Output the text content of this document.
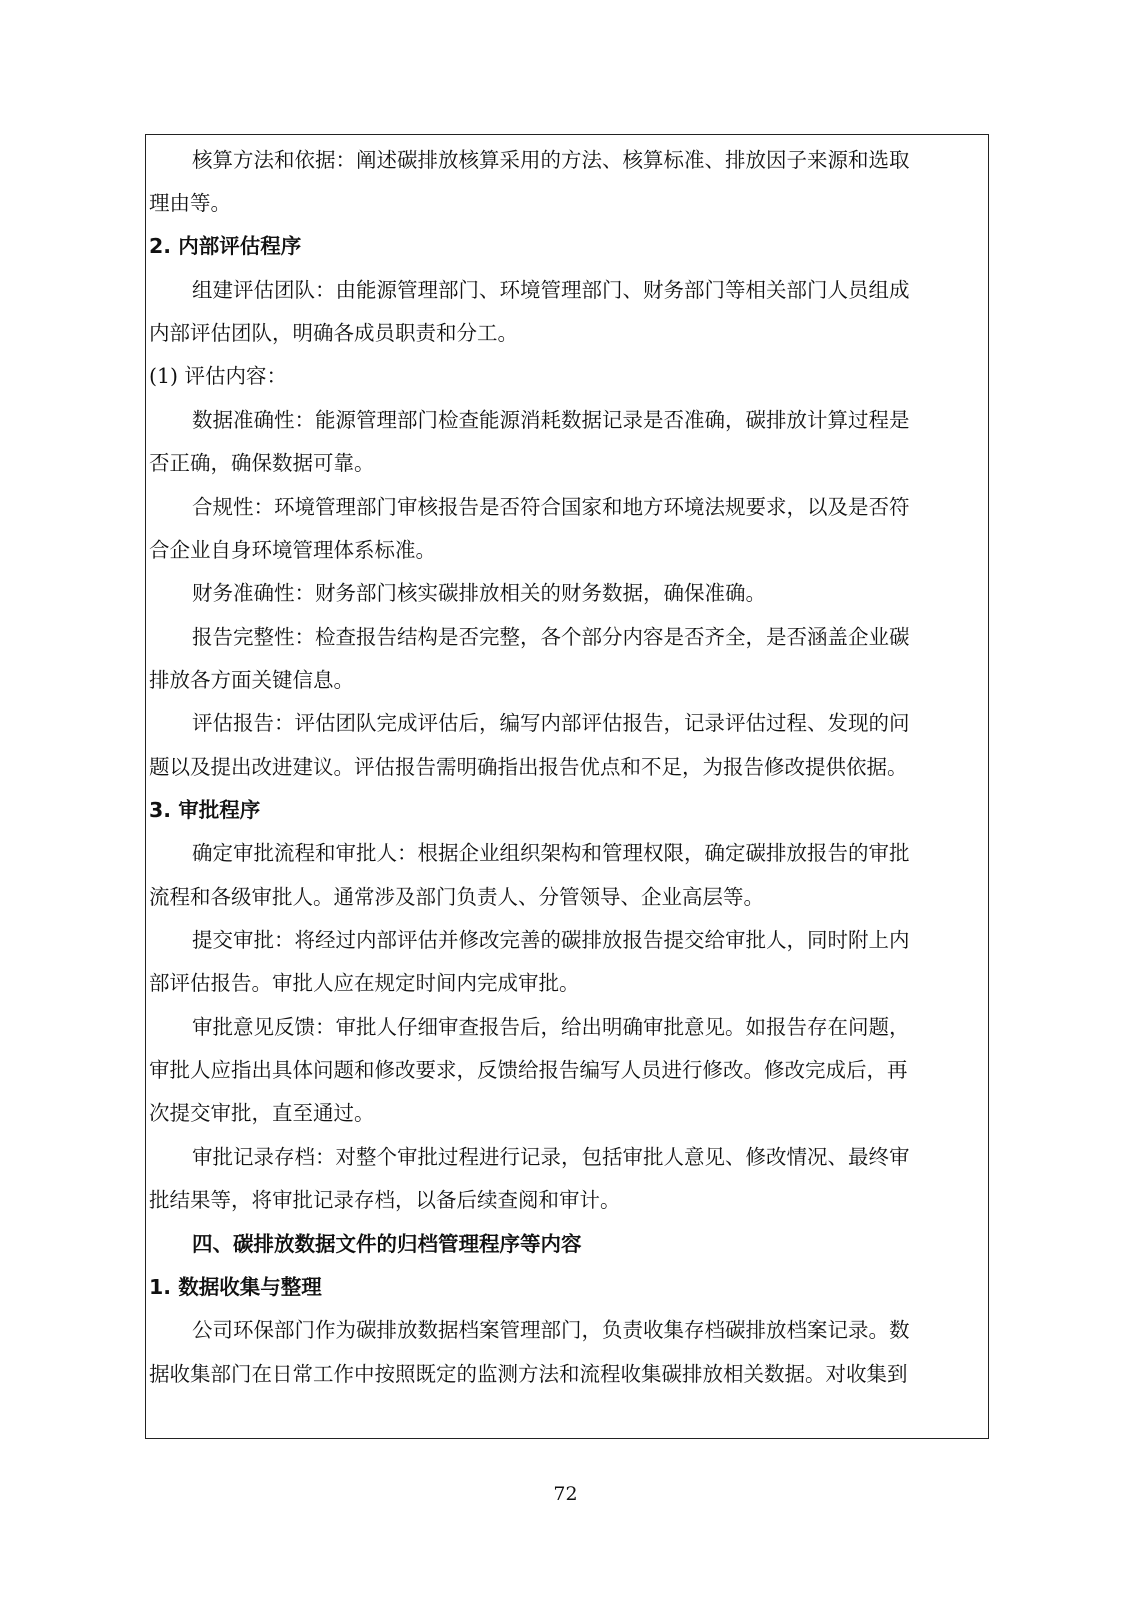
核算方法和依据：阐述碳排放核算采用的方法、核算标准、排放因子来源和选取

理由等。

2. 内部评估程序

组建评估团队：由能源管理部门、环境管理部门、财务部门等相关部门人员组成

内部评估团队，明确各成员职责和分工。

(1) 评估内容：

数据准确性：能源管理部门检查能源消耗数据记录是否准确，碳排放计算过程是

否正确，确保数据可靠。

合规性：环境管理部门审核报告是否符合国家和地方环境法规要求，以及是否符

合企业自身环境管理体系标准。

财务准确性：财务部门核实碳排放相关的财务数据，确保准确。

报告完整性：检查报告结构是否完整，各个部分内容是否齐全，是否涵盖企业碳

排放各方面关键信息。

评估报告：评估团队完成评估后，编写内部评估报告，记录评估过程、发现的问

题以及提出改进建议。评估报告需明确指出报告优点和不足，为报告修改提供依据。

3. 审批程序

确定审批流程和审批人：根据企业组织架构和管理权限，确定碳排放报告的审批

流程和各级审批人。通常涉及部门负责人、分管领导、企业高层等。

提交审批：将经过内部评估并修改完善的碳排放报告提交给审批人，同时附上内

部评估报告。审批人应在规定时间内完成审批。

审批意见反馈：审批人仔细审查报告后，给出明确审批意见。如报告存在问题，

审批人应指出具体问题和修改要求，反馈给报告编写人员进行修改。修改完成后，再

次提交审批，直至通过。

审批记录存档：对整个审批过程进行记录，包括审批人意见、修改情况、最终审

批结果等，将审批记录存档，以备后续查阅和审计。

四、碳排放数据文件的归档管理程序等内容

1. 数据收集与整理

公司环保部门作为碳排放数据档案管理部门，负责收集存档碳排放档案记录。数

据收集部门在日常工作中按照既定的监测方法和流程收集碳排放相关数据。对收集到

72
